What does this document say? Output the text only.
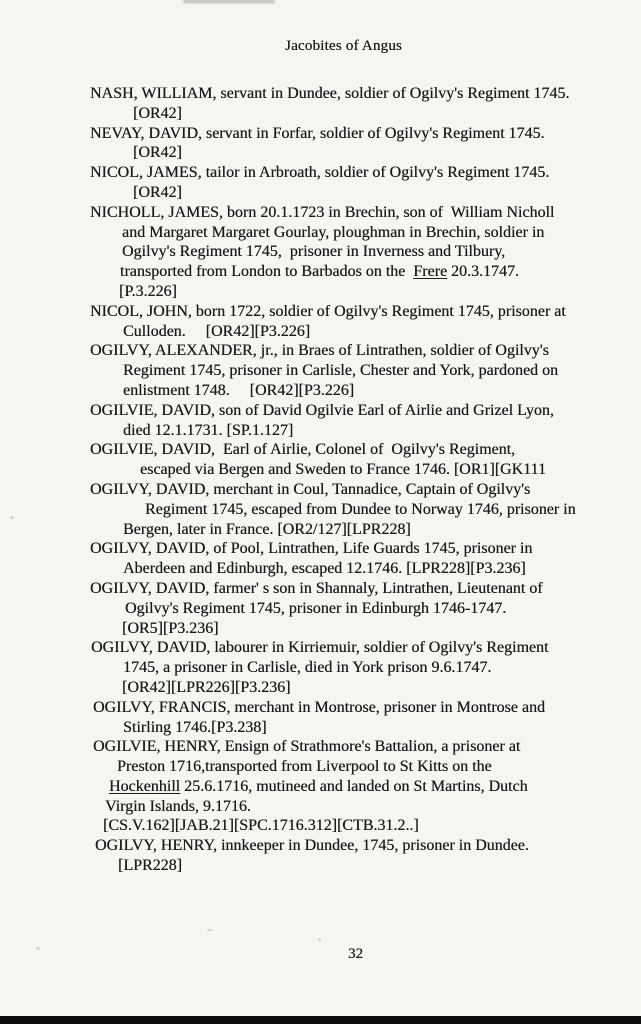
Jacobites of Angus
NASH, WILLIAM, servant in Dundee, soldier of Ogilvy's Regiment 1745.
[OR42]
NEVAY, DAVID, servant in Forfar, soldier of Ogilvy's Regiment 1745.
[OR42]
NICOL, JAMES, tailor in Arbroath, soldier of Ogilvy's Regiment 1745.
[OR42]
NICHOLL, JAMES, born 20.1.1723 in Brechin, son of  William Nicholl
and Margaret Margaret Gourlay, ploughman in Brechin, soldier in
Ogilvy's Regiment 1745,  prisoner in Inverness and Tilbury,
transported from London to Barbados on the  Frere 20.3.1747.
[P.3.226]
NICOL, JOHN, born 1722, soldier of Ogilvy's Regiment 1745, prisoner at
Culloden.     [OR42][P3.226]
OGILVY, ALEXANDER, jr., in Braes of Lintrathen, soldier of Ogilvy's
Regiment 1745, prisoner in Carlisle, Chester and York, pardoned on
enlistment 1748.     [OR42][P3.226]
OGILVIE, DAVID, son of David Ogilvie Earl of Airlie and Grizel Lyon,
died 12.1.1731. [SP.1.127]
OGILVIE, DAVID,  Earl of Airlie, Colonel of  Ogilvy's Regiment,
escaped via Bergen and Sweden to France 1746. [OR1][GK111
OGILVY, DAVID, merchant in Coul, Tannadice, Captain of Ogilvy's
Regiment 1745, escaped from Dundee to Norway 1746, prisoner in
Bergen, later in France. [OR2/127][LPR228]
OGILVY, DAVID, of Pool, Lintrathen, Life Guards 1745, prisoner in
Aberdeen and Edinburgh, escaped 12.1746. [LPR228][P3.236]
OGILVY, DAVID, farmer' s son in Shannaly, Lintrathen, Lieutenant of
Ogilvy's Regiment 1745, prisoner in Edinburgh 1746-1747.
[OR5][P3.236]
OGILVY, DAVID, labourer in Kirriemuir, soldier of Ogilvy's Regiment
1745, a prisoner in Carlisle, died in York prison 9.6.1747.
[OR42][LPR226][P3.236]
OGILVY, FRANCIS, merchant in Montrose, prisoner in Montrose and
Stirling 1746.[P3.238]
OGILVIE, HENRY, Ensign of Strathmore's Battalion, a prisoner at
Preston 1716,transported from Liverpool to St Kitts on the
Hockenhill 25.6.1716, mutineed and landed on St Martins, Dutch
Virgin Islands, 9.1716.
[CS.V.162][JAB.21][SPC.1716.312][CTB.31.2..]
OGILVY, HENRY, innkeeper in Dundee, 1745, prisoner in Dundee.
[LPR228]
32
